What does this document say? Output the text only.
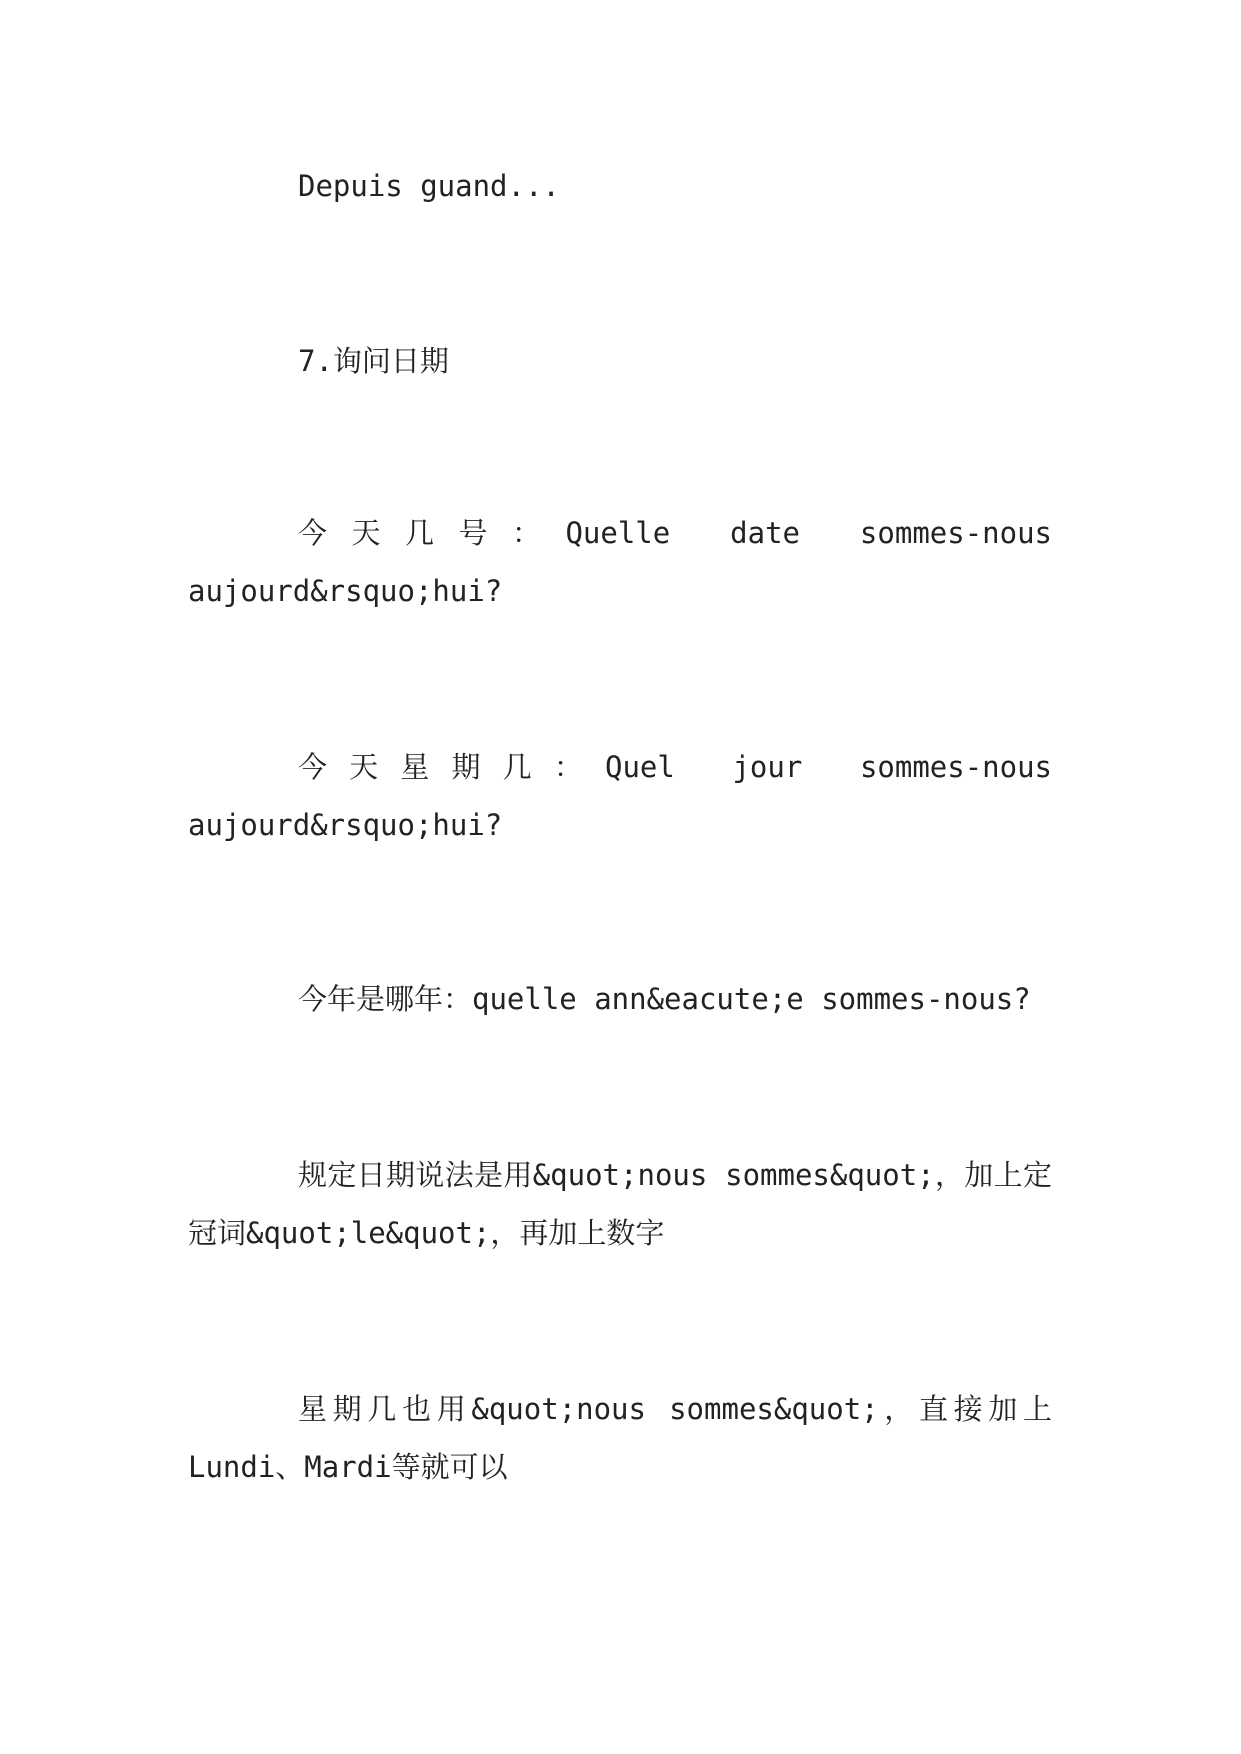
Depuis guand...

7.询问日期

今天几号：Quelle date sommes-nous aujourd&rsquo;hui?

今天星期几：Quel jour sommes-nous aujourd&rsquo;hui?

今年是哪年：quelle ann&eacute;e sommes-nous?

规定日期说法是用&quot;nous sommes&quot;，加上定冠词&quot;le&quot;，再加上数字

星期几也用&quot;nous sommes&quot;，直接加上Lundi、Mardi等就可以
